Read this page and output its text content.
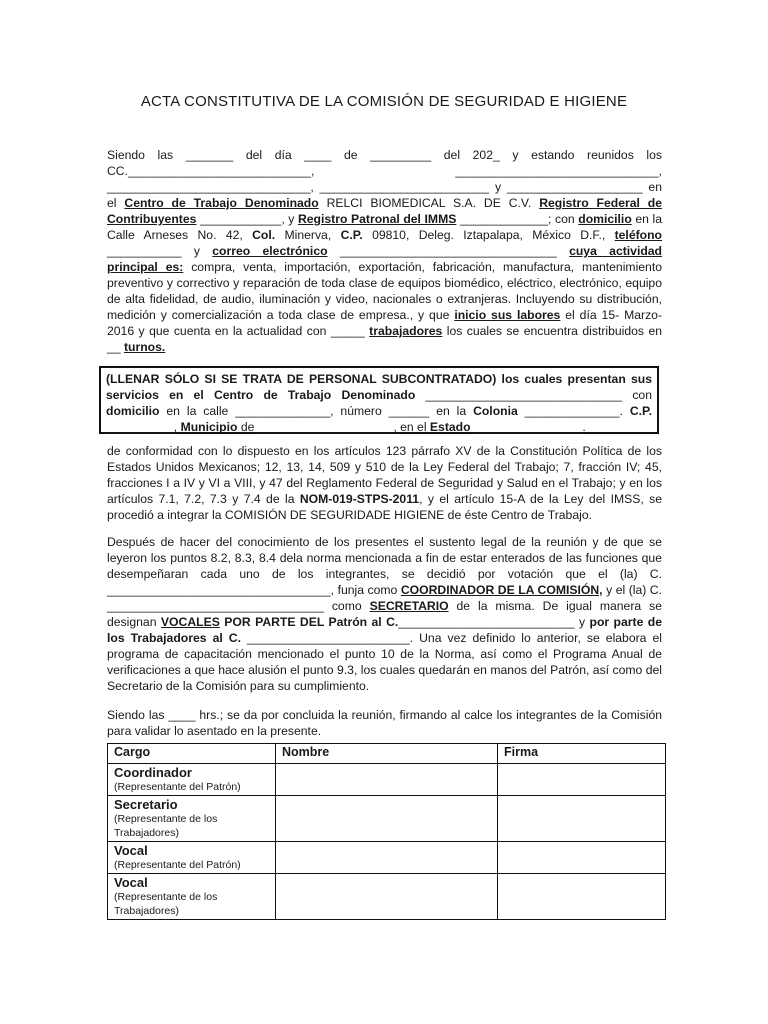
ACTA CONSTITUTIVA DE LA COMISIÓN DE SEGURIDAD E HIGIENE

Siendo las _______ del día ____ de _________ del 202_ y estando reunidos los CC.___________________________,	______________________________,

______________________________, _________________________ y ____________________ en el Centro de Trabajo Denominado RELCI BIOMEDICAL S.A. DE C.V. Registro Federal de Contribuyentes ____________, y Registro Patronal del IMMS _____________; con domicilio en la Calle Arneses No. 42, Col. Minerva, C.P. 09810, Deleg. Iztapalapa, México D.F., teléfono ___________ y correo electrónico ________________________________ cuya actividad principal es: compra, venta, importación, exportación, fabricación, manufactura, mantenimiento preventivo y correctivo y reparación de toda clase de equipos biomédico, eléctrico, electrónico, equipo de alta fidelidad, de audio, iluminación y video, nacionales o extranjeras. Incluyendo su distribución, medición y comercialización a toda clase de empresa., y que inicio sus labores el día 15- Marzo-2016 y que cuenta en la actualidad con _____ trabajadores los cuales se encuentra distribuidos en __ turnos.

(LLENAR SÓLO SI SE TRATA DE PERSONAL SUBCONTRATADO) los cuales presentan sus servicios en el Centro de Trabajo Denominado _____________________________ con domicilio en la calle ______________, número ______ en la Colonia ______________. C.P. __________, Municipio de ____________________, en el Estado ________________.

de conformidad con lo dispuesto en los artículos 123 párrafo XV de la Constitución Política de los Estados Unidos Mexicanos; 12, 13, 14, 509 y 510 de la Ley Federal del Trabajo; 7, fracción IV; 45, fracciones I a IV y VI a VIII, y 47 del Reglamento Federal de Seguridad y Salud en el Trabajo; y en los artículos 7.1, 7.2, 7.3 y 7.4 de la NOM-019-STPS-2011, y el artículo 15-A de la Ley del IMSS, se procedió a integrar la COMISIÓN DE SEGURIDADE HIGIENE de éste Centro de Trabajo.

Después de hacer del conocimiento de los presentes el sustento legal de la reunión y de que se leyeron los puntos 8.2, 8.3, 8.4 dela norma mencionada a fin de estar enterados de las funciones que desempeñaran cada uno de los integrantes, se decidió por votación que el (la) C. _________________________________, funja como COORDINADOR DE LA COMISIÓN, y el (la) C. ________________________________ como SECRETARIO de la misma. De igual manera se designan VOCALES POR PARTE DEL Patrón al C.__________________________ y por parte de los Trabajadores al C. ________________________. Una vez definido lo anterior, se elabora el programa de capacitación mencionado el punto 10 de la Norma, así como el Programa Anual de verificaciones a que hace alusión el punto 9.3, los cuales quedarán en manos del Patrón, así como del Secretario de la Comisión para su cumplimiento.

Siendo las ____ hrs.; se da por concluida la reunión, firmando al calce los integrantes de la Comisión para validar lo asentado en la presente.

Cargo	Nombre	Firma

Coordinador
(Representante del Patrón)		

Secretario
(Representante de los Trabajadores)		

Vocal
(Representante del Patrón)		

Vocal
(Representante de los Trabajadores)		
